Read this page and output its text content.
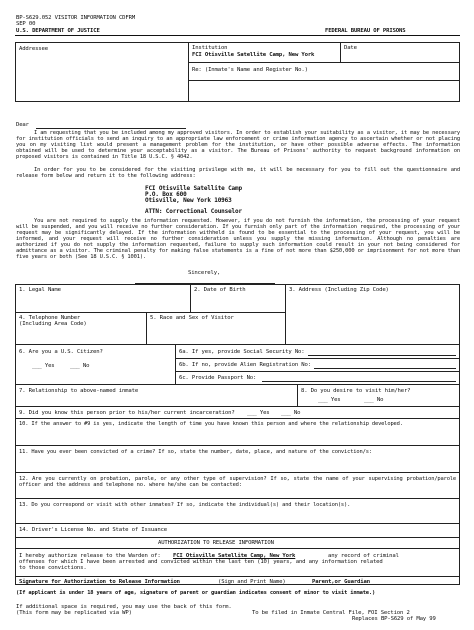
BP-S629.052 VISITOR INFORMATION CDFRM
SEP 00
U.S. DEPARTMENT OF JUSTICE	FEDERAL BUREAU OF PRISONS
Addressee	Institution
FCI Otisville Satellite Camp, New York
Date
Re: (Inmate's Name and Register No.)
Dear
I am requesting that you be included among my approved visitors. In order to establish your suitability as a visitor, it may be necessary for institution officials to send an inquiry to an appropriate law enforcement or crime information agency to ascertain whether or not placing you on my visiting list would present a management problem for the institution, or have other possible adverse effects. The information obtained will be used to determine your acceptability as a visitor. The Bureau of Prisons' authority to request background information on proposed visitors is contained in Title 18 U.S.C. § 4042.
In order for you to be considered for the visiting privilege with me, it will be necessary for you to fill out the questionnaire and release form below and return it to the following address:
FCI Otisville Satellite Camp
P.O. Box 600
Otisville, New York 10963
ATTN: Correctional Counselor
You are not required to supply the information requested. However, if you do not furnish the information, the processing of your request will be suspended, and you will receive no further consideration. If you furnish only part of the information required, the processing of your request may be significantly delayed. If the information withheld is found to be essential to the processing of your request, you will be informed, and your request will receive no further consideration unless you supply the missing information. Although no penalties are authorized if you do not supply the information requested, failure to supply such information could result in your not being considered for admittance as a visitor. The criminal penalty for making false statements is a fine of not more than $250,000 or imprisonment for not more than five years or both (See 18 U.S.C. § 1001).
Sincerely,
1. Legal Name	2. Date of Birth	3. Address (Including Zip Code)
4. Telephone Number
(Including Area Code)
5. Race and Sex of Visitor
6. Are you a U.S. Citizen?
___ Yes	___ No
6a. If yes, provide Social Security No:
6b. If no, provide Alien Registration No:
6c. Provide Passport No:
7. Relationship to above-named inmate	8. Do you desire to visit him/her?
___ Yes	___ No
9. Did you know this person prior to his/her current incarceration? ___ Yes ___ No
10. If the answer to #9 is yes, indicate the length of time you have known this person and where the relationship developed.
11. Have you ever been convicted of a crime? If so, state the number, date, place, and nature of the conviction/s:
12. Are you currently on probation, parole, or any other type of supervision? If so, state the name of your supervising probation/parole officer and the address and telephone no. where he/she can be contacted:
13. Do you correspond or visit with other inmates? If so, indicate the individual(s) and their location(s).
14. Driver's License No. and State of Issuance
AUTHORIZATION TO RELEASE INFORMATION
I hereby authorize release to the Warden of: FCI Otisville Satellite Camp, New York	any record of criminal
offenses for which I have been arrested and convicted within the last ten (10) years, and any information related
to those convictions.
Signature for Authorization to Release Information	(Sign and Print Name)	Parent,or Guardian
(If applicant is under 18 years of age, signature of parent or guardian indicates consent of minor to visit inmate.)
If additional space is required, you may use the back of this form.
(This form may be replicated via WP)	To be filed in Inmate Central File, FOI Section 2
Replaces BP-S629 of May 99
